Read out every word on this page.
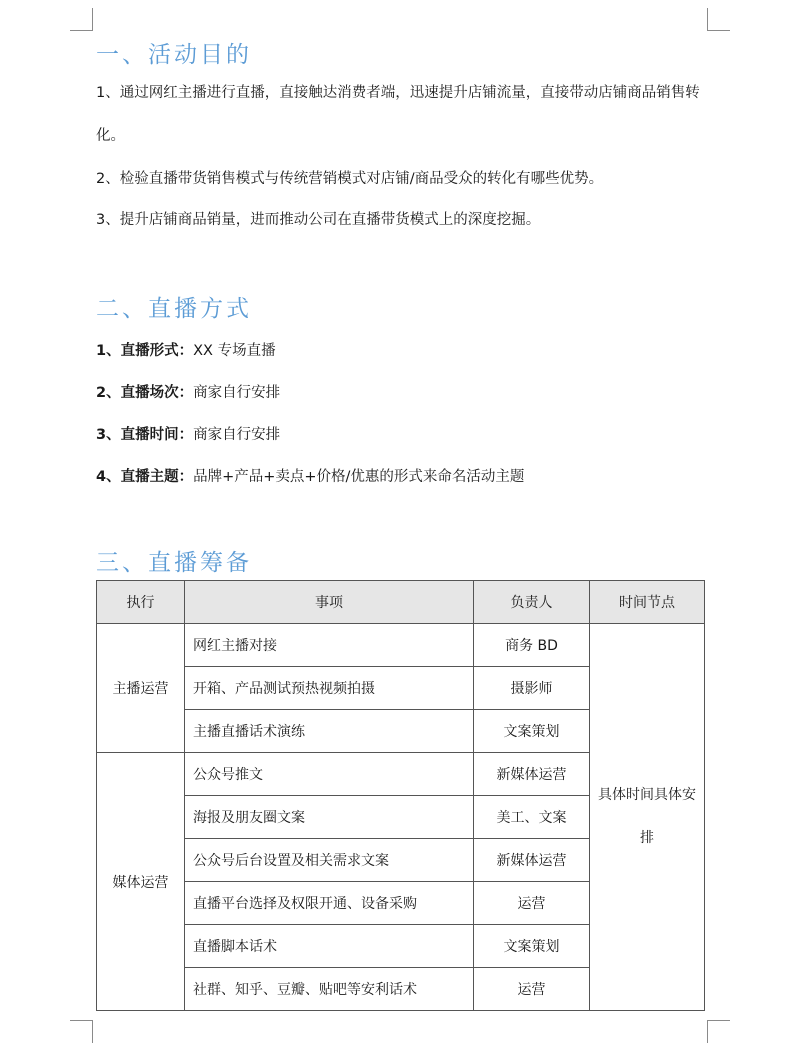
一、活动目的
1、通过网红主播进行直播，直接触达消费者端，迅速提升店铺流量，直接带动店铺商品销售转化。
2、检验直播带货销售模式与传统营销模式对店铺/商品受众的转化有哪些优势。
3、提升店铺商品销量，进而推动公司在直播带货模式上的深度挖掘。
二、直播方式
1、直播形式：XX 专场直播
2、直播场次：商家自行安排
3、直播时间：商家自行安排
4、直播主题：品牌+产品+卖点+价格/优惠的形式来命名活动主题
三、直播筹备
执行	事项	负责人	时间节点
主播运营	网红主播对接	商务 BD	具体时间具体安排
	开箱、产品测试预热视频拍摄	摄影师	
	主播直播话术演练	文案策划	
媒体运营	公众号推文	新媒体运营	
	海报及朋友圈文案	美工、文案	
	公众号后台设置及相关需求文案	新媒体运营	
	直播平台选择及权限开通、设备采购	运营	
	直播脚本话术	文案策划	
	社群、知乎、豆瓣、贴吧等安利话术	运营	
